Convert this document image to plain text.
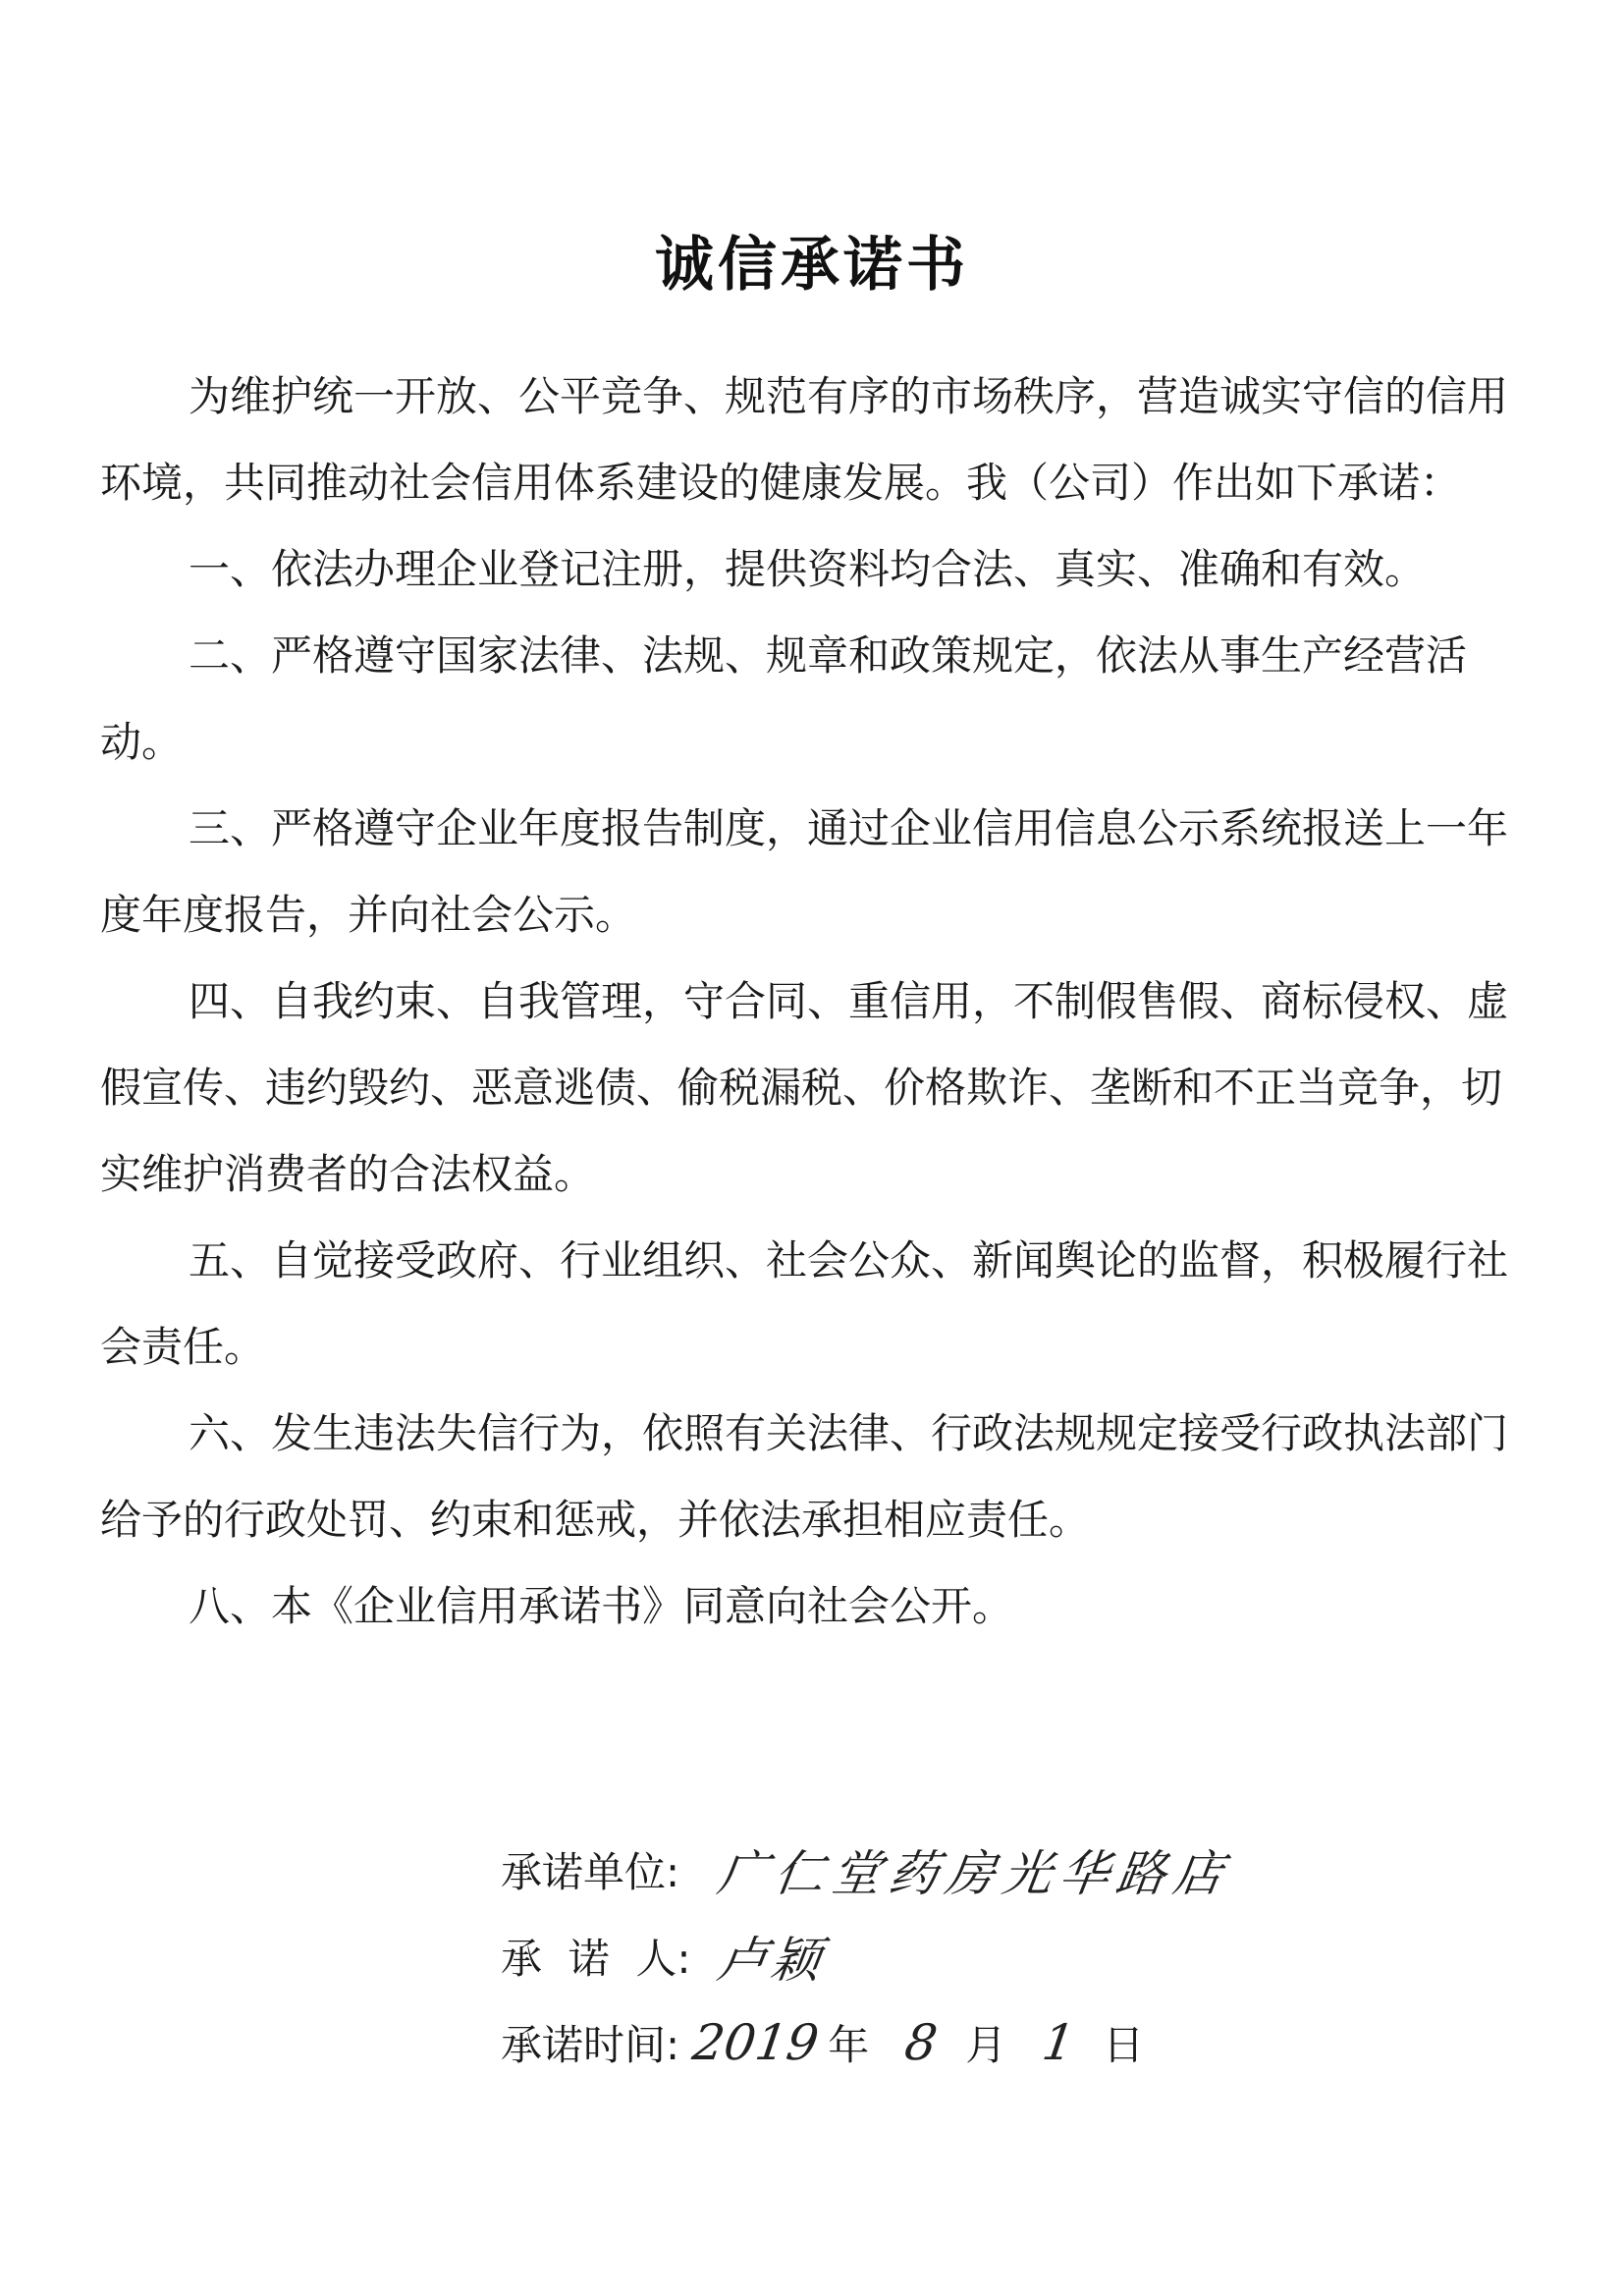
诚信承诺书

为维护统一开放、公平竞争、规范有序的市场秩序，营造诚实守信的信用环境，共同推动社会信用体系建设的健康发展。我（公司）作出如下承诺：

一、依法办理企业登记注册，提供资料均合法、真实、准确和有效。

二、严格遵守国家法律、法规、规章和政策规定，依法从事生产经营活动。

三、严格遵守企业年度报告制度，通过企业信用信息公示系统报送上一年度年度报告，并向社会公示。

四、自我约束、自我管理，守合同、重信用，不制假售假、商标侵权、虚假宣传、违约毁约、恶意逃债、偷税漏税、价格欺诈、垄断和不正当竞争，切实维护消费者的合法权益。

五、自觉接受政府、行业组织、社会公众、新闻舆论的监督，积极履行社会责任。

六、发生违法失信行为，依照有关法律、行政法规规定接受行政执法部门给予的行政处罚、约束和惩戒，并依法承担相应责任。

八、本《企业信用承诺书》同意向社会公开。

承诺单位: 广仁堂药房光华路店
承  诺  人: 卢颖
承诺时间: 2019 年 8 月 1 日
